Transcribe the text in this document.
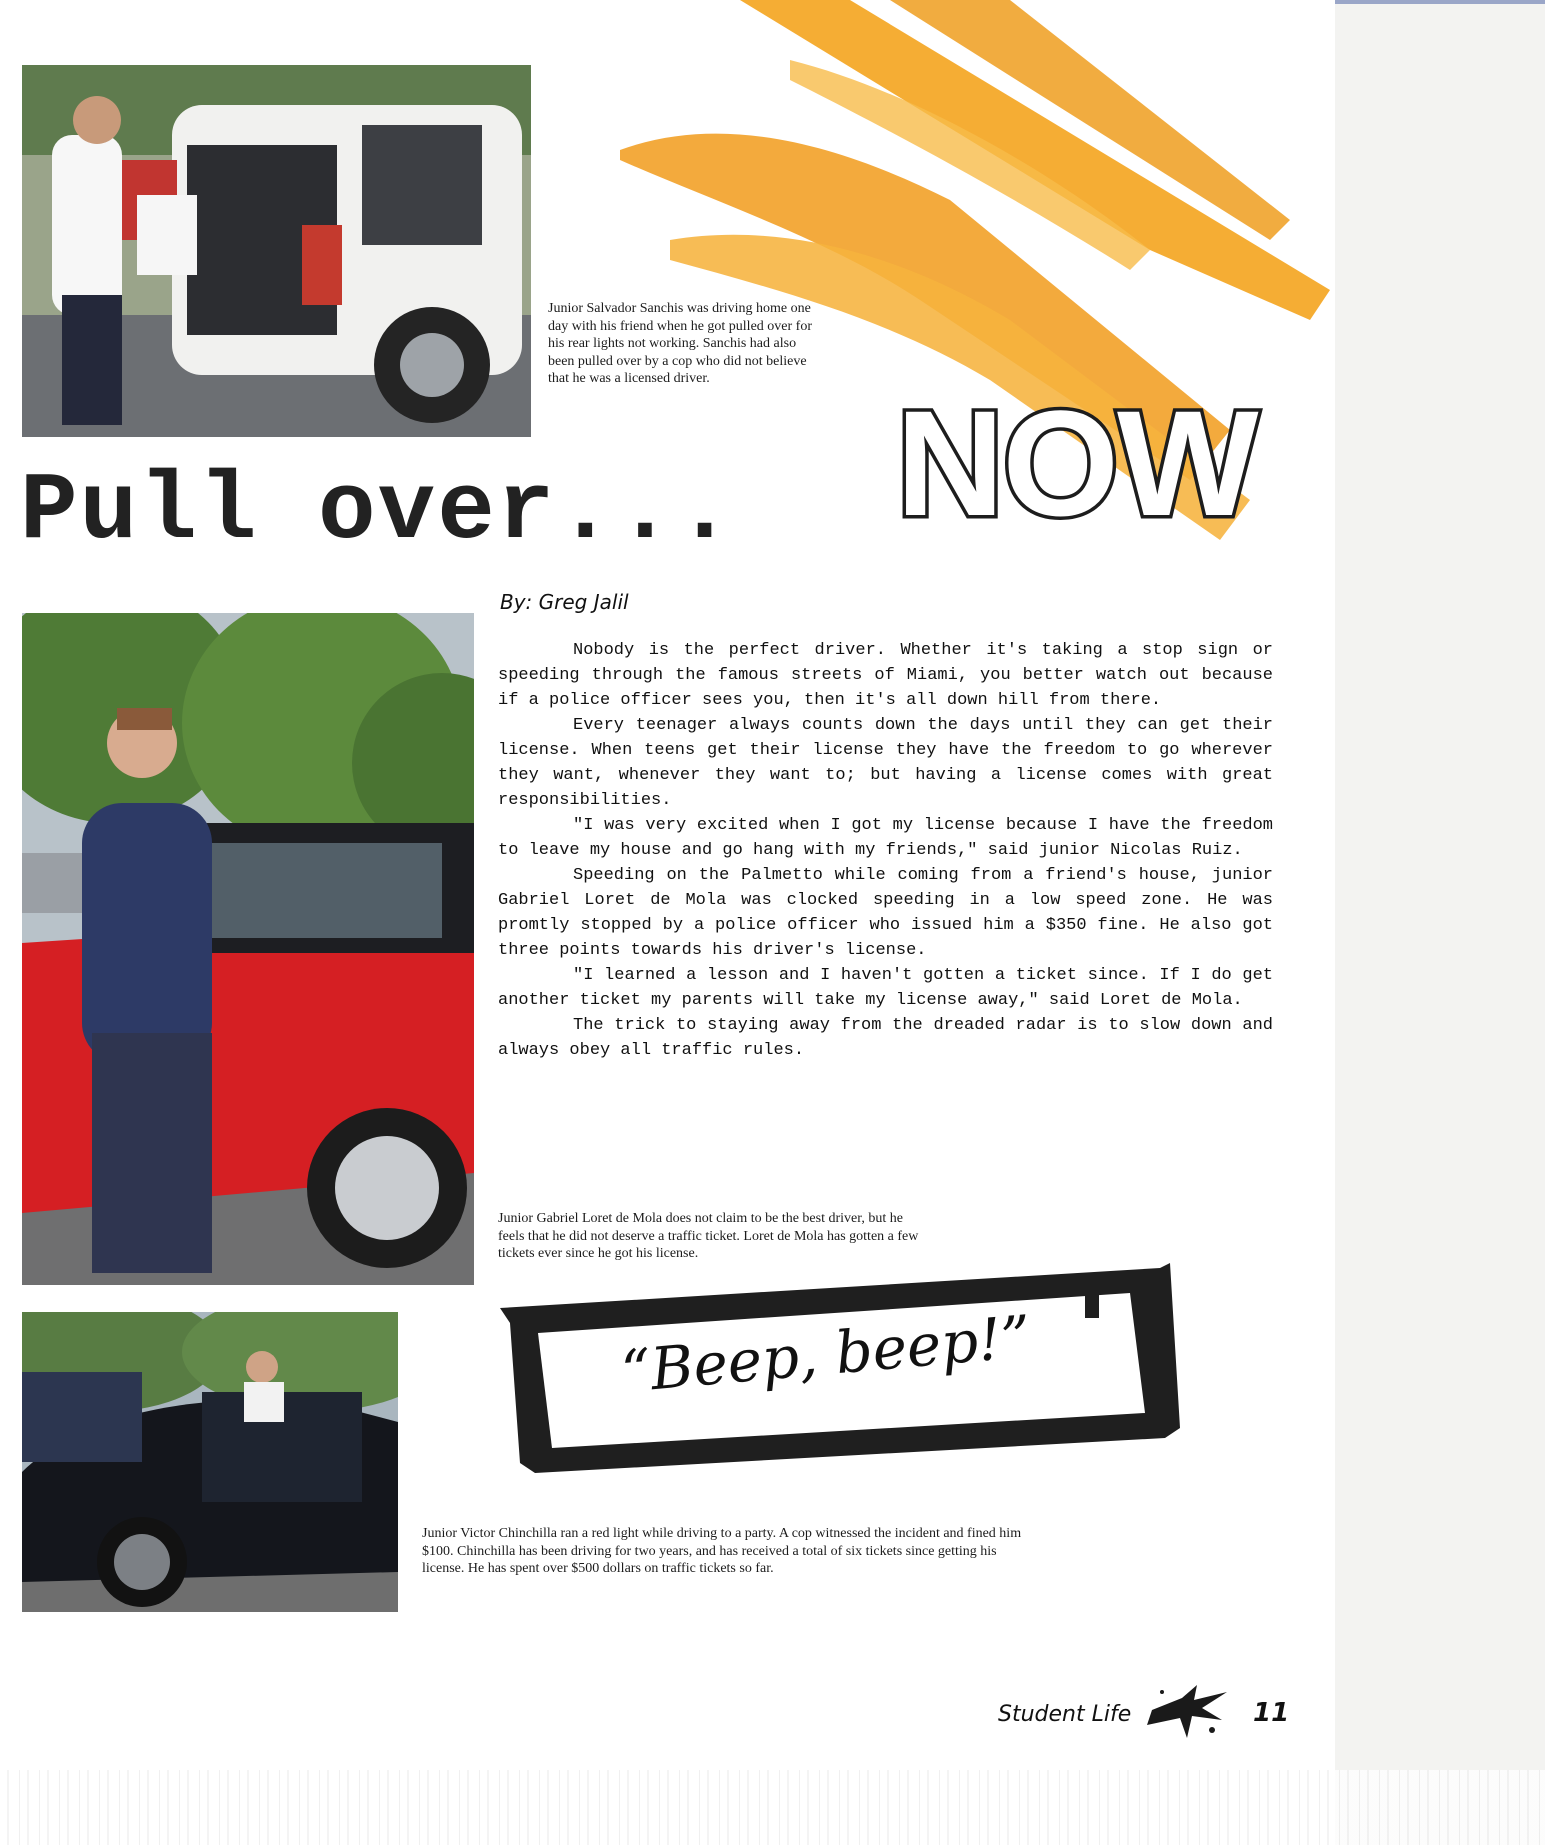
Junior Salvador Sanchis was driving home one day with his friend when he got pulled over for his rear lights not working. Sanchis had also been pulled over by a cop who did not believe that he was a licensed driver.
Pull over... NOW
By: Greg Jalil

Nobody is the perfect driver. Whether it's taking a stop sign or speeding through the famous streets of Miami, you better watch out because if a police officer sees you, then it's all down hill from there.

Every teenager always counts down the days until they can get their license. When teens get their license they have the freedom to go wherever they want, whenever they want to; but having a license comes with great responsibilities.

"I was very excited when I got my license because I have the freedom to leave my house and go hang with my friends," said junior Nicolas Ruiz.

Speeding on the Palmetto while coming from a friend's house, junior Gabriel Loret de Mola was clocked speeding in a low speed zone. He was promtly stopped by a police officer who issued him a $350 fine. He also got three points towards his driver's license.

"I learned a lesson and I haven't gotten a ticket since. If I do get another ticket my parents will take my license away," said Loret de Mola.

The trick to staying away from the dreaded radar is to slow down and always obey all traffic rules.

Junior Gabriel Loret de Mola does not claim to be the best driver, but he feels that he did not deserve a traffic ticket. Loret de Mola has gotten a few tickets ever since he got his license.
“Beep, beep!”
Junior Victor Chinchilla ran a red light while driving to a party. A cop witnessed the incident and fined him $100. Chinchilla has been driving for two years, and has received a total of six tickets since getting his license. He has spent over $500 dollars on traffic tickets so far.
Student Life	11
